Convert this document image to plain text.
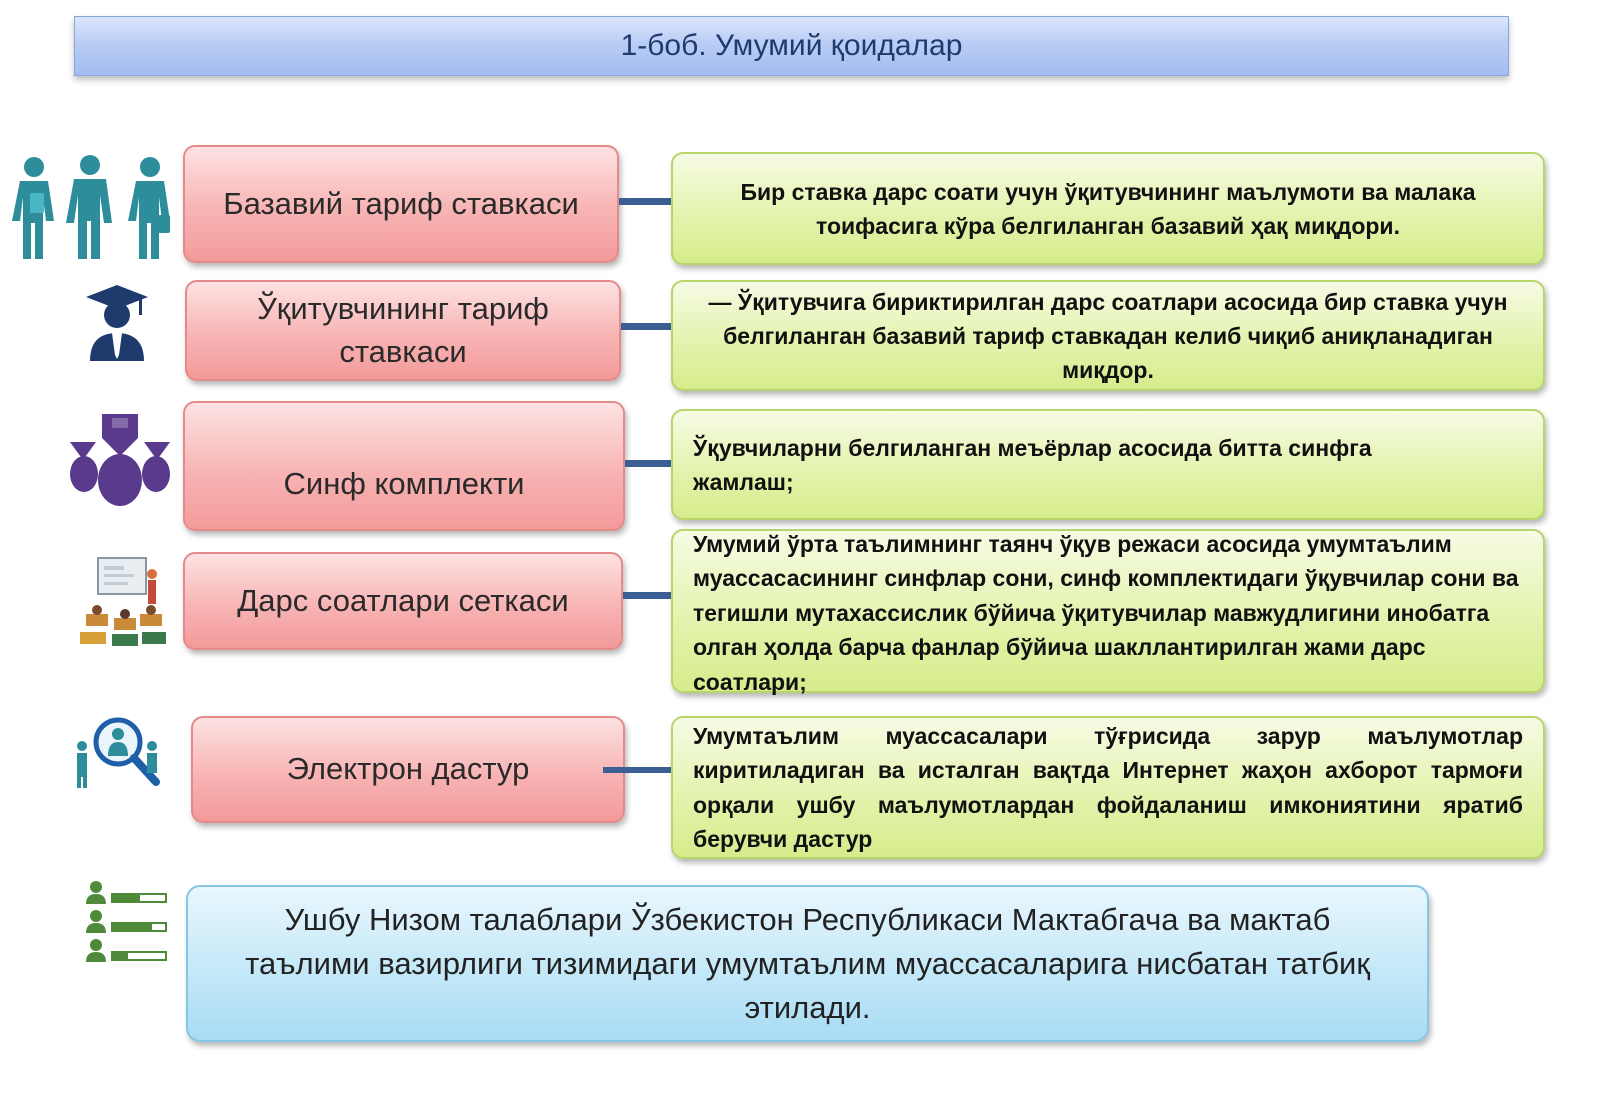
1-боб. Умумий қоидалар
Базавий тариф ставкаси	Бир ставка дарс соати учун ўқитувчининг маълумоти ва малака тоифасига кўра белгиланган базавий ҳақ миқдори.
Ўқитувчининг тариф ставкаси
— Ўқитувчига бириктирилган дарс соатлари асосида бир ставка учун белгиланган базавий тариф ставкадан келиб чиқиб аниқланадиган миқдор.
Синф комплекти
Ўқувчиларни белгиланган меъёрлар асосида битта синфга жамлаш;
Дарс соатлари сеткаси
Умумий ўрта таълимнинг таянч ўқув режаси асосида умумтаълим муассасасининг синфлар сони, синф комплектидаги ўқувчилар сони ва тегишли мутахассислик бўйича ўқитувчилар мавжудлигини инобатга олган ҳолда барча фанлар бўйича шакллантирилган жами дарс соатлари;
Электрон дастур
Умумтаълим муассасалари тўғрисида зарур маълумотлар киритиладиган ва исталган вақтда Интернет жаҳон ахборот тармоғи орқали ушбу маълумотлардан фойдаланиш имкониятини яратиб берувчи дастур
Ушбу Низом талаблари Ўзбекистон Республикаси Мактабгача ва мактаб таълими вазирлиги тизимидаги умумтаълим муассасаларига нисбатан татбиқ этилади.
